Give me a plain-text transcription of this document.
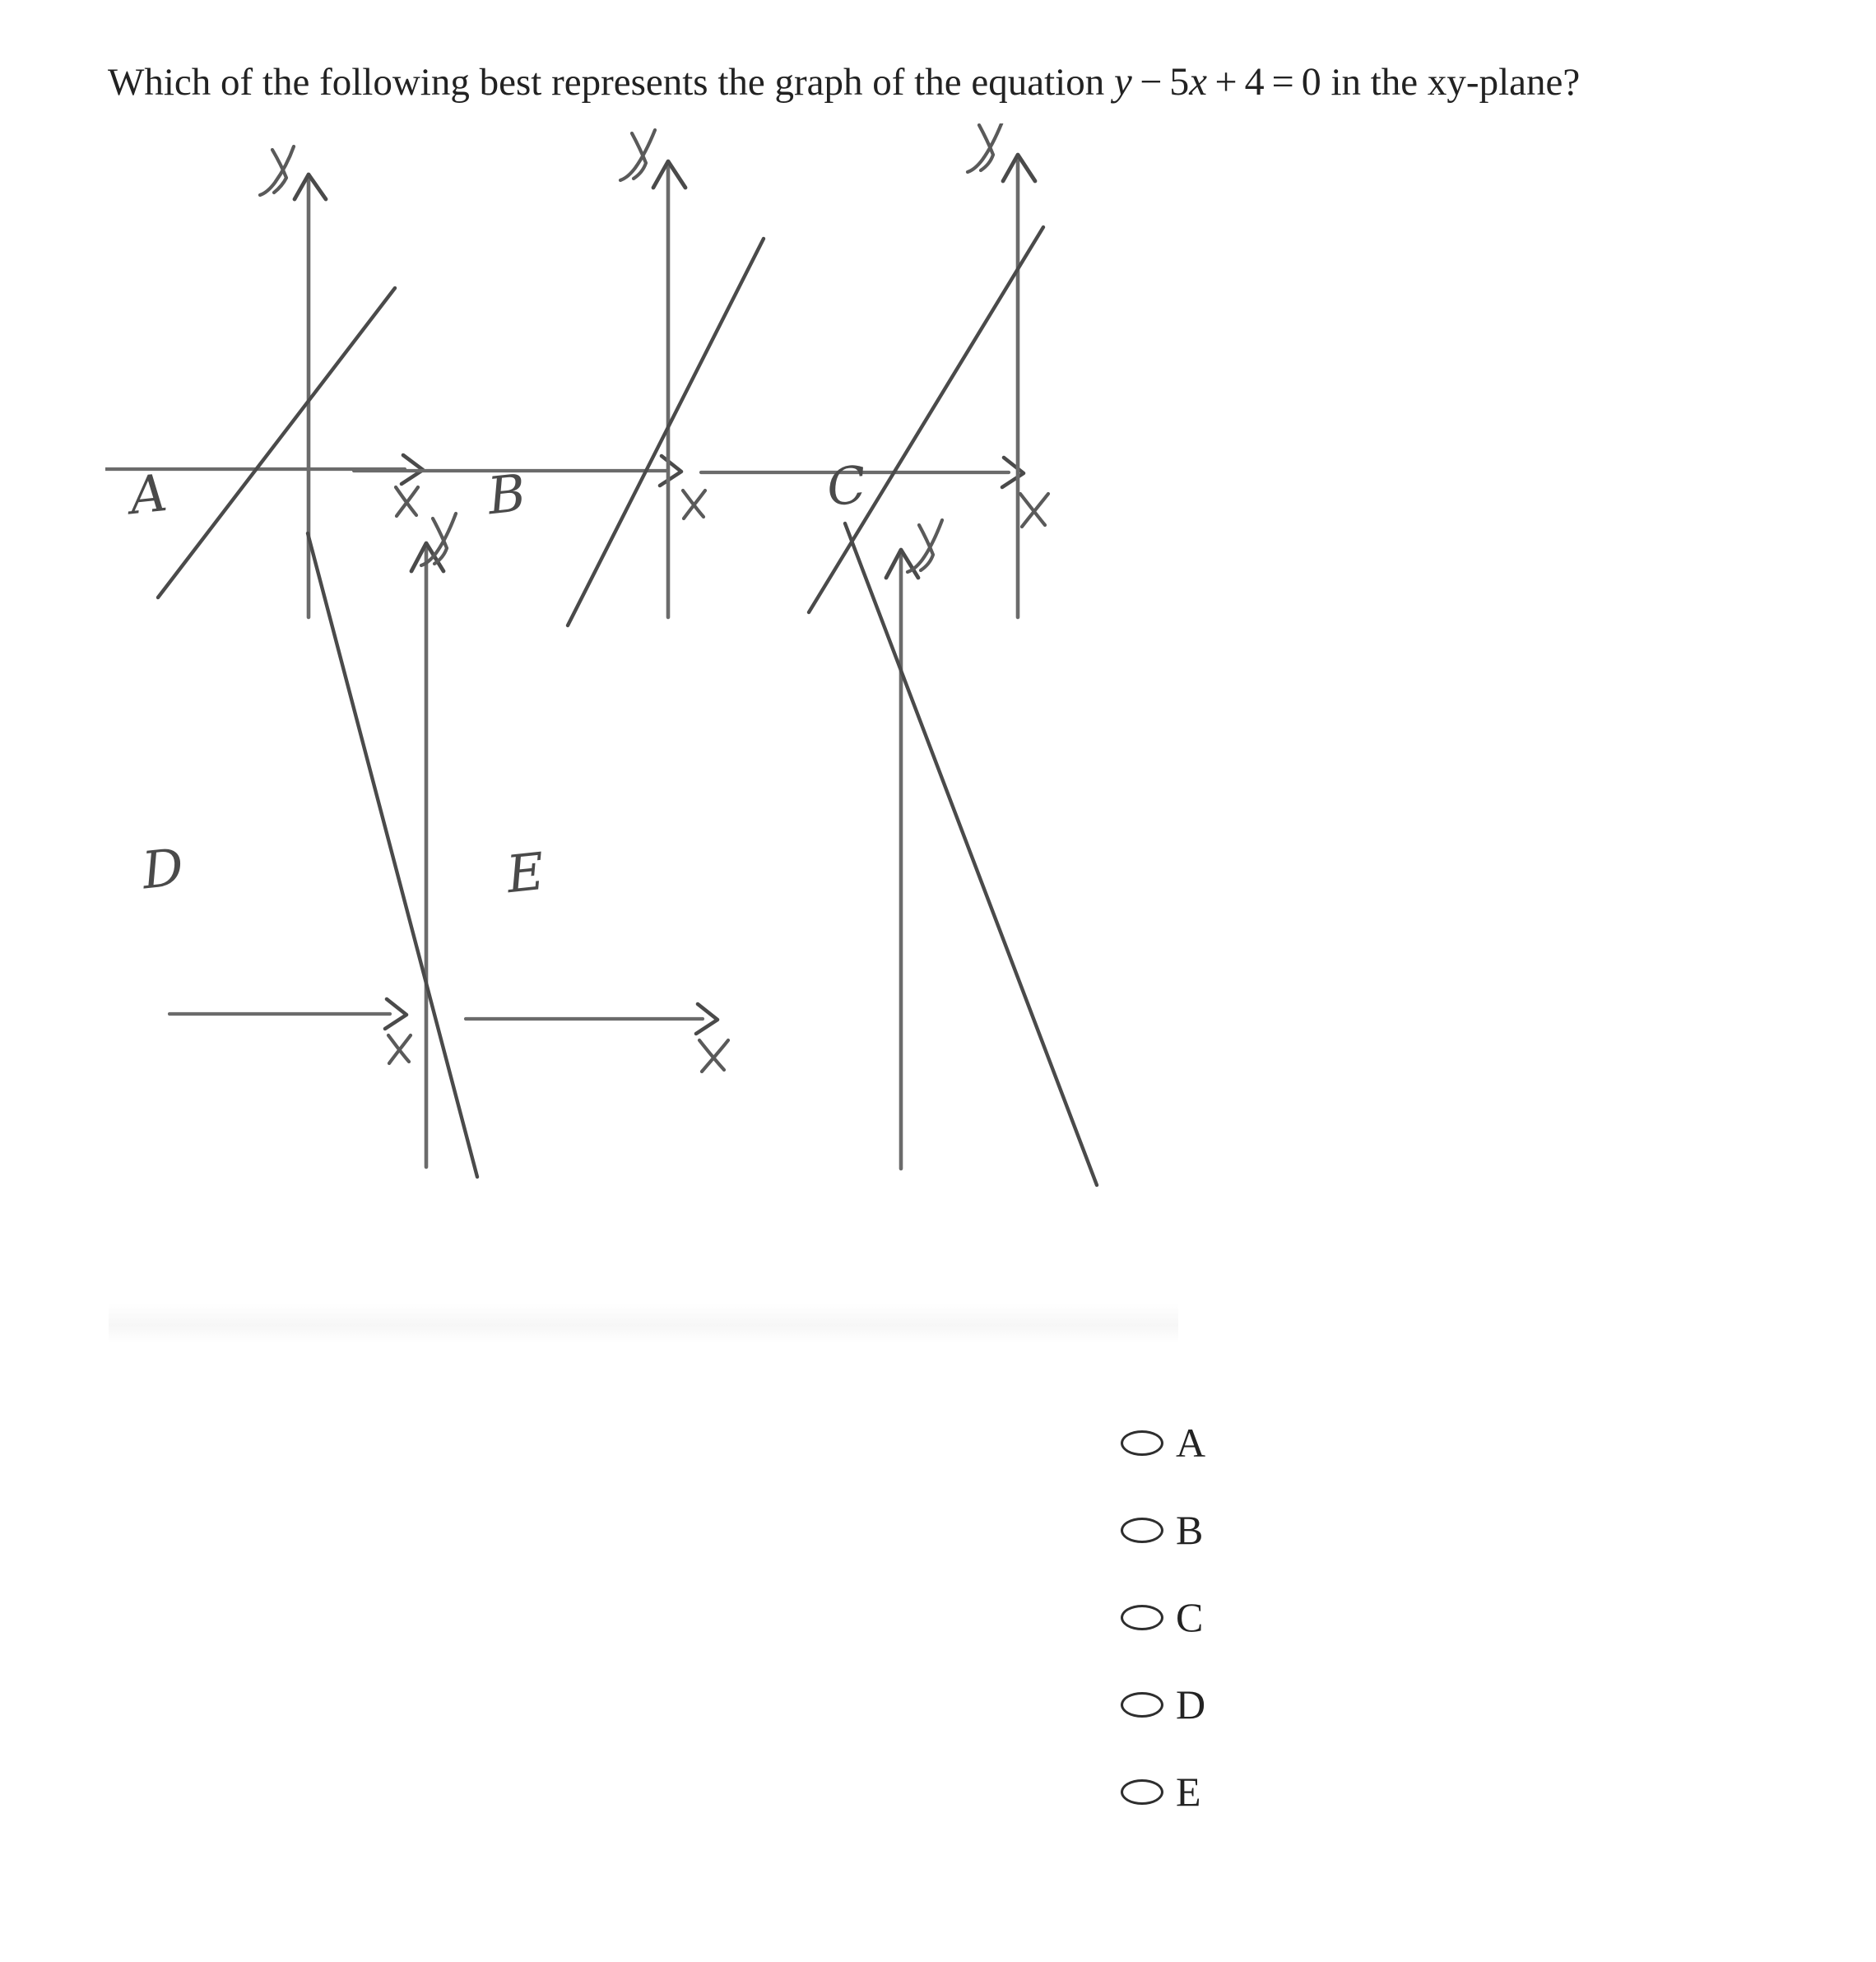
Which of the following best represents the graph of the equation y − 5x + 4 = 0 in the xy-plane?
A	B	C
D	E
A
B
C
D
E
